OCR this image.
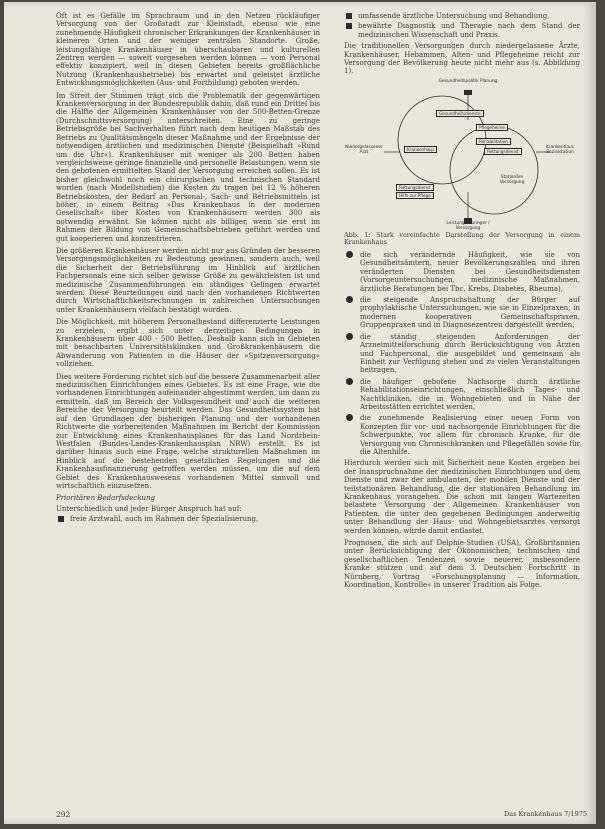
Oft ist es Gefälle im Sprachraum und in den Netzen rückläufiger Versorgung von der Großstadt zur Kleinstadt, ebenso wie eine zunehmende Häufigkeit chronischer Erkrankungen der Krankenhäuser in kleineren Orten und der weniger zentralen Standorte. Große, leistungsfähige Krankenhäuser in überschaubaren und kulturellen Zentren werden — soweit vorgesehen werden können — vom Personal effektiv konzipiert, weil in diesen Gebieten bereits großflächliche Nutzung (Krankenhausbetriebe) bis erwartet und geleistet ärztliche Entwicklungsmöglichkeiten (Aus- und Fortbildung) geboten werden.

Im Streit der Stimmen trägt sich die Problematik der gegenwärtigen Krankenversorgung in der Bundesrepublik dahin, daß rund ein Drittel bis die Hälfte der Allgemeinen Krankenhäuser von der 500-Betten-Grenze (Durchschnittsversorgung) unterschreiten. Eine zu geringe Betriebsgröße bei Sachverhalten führt nach dem heutigen Maßstab des Betriebs zu Qualitätsmängeln dieser Maßnahme und der Ergebnisse der notwendigen ärztlichen und medizinischen Dienste (Beispielhaft »Rund um die Uhr«). Krankenhäuser mit weniger als 200 Betten haben vergleichsweise geringe finanzielle und personelle Belastungen, wenn sie den gebotenen ermittelten Stand der Versorgung erreichen sollen. Es ist bisher gleichwohl noch ein chirurgischen und technischen Standard worden (nach Modellstudien) die Kosten zu tragen bei 12 % höheren Betriebskosten, der Bedarf an Personal-, Sach- und Betriebsmitteln ist höher, in einem Beitrag »Das Krankenhaus in der modernen Gesellschaft« über Kosten von Krankenhäusern werden 300 als notwendig erwähnt. Sie können nicht als billiger, wenn sie erst im Rahmen der Bildung von Gemeinschaftsbetrieben geführt werden und gut kooperieren und konzentrieren.

Die größeren Krankenhäuser werden nicht nur aus Gründen der besseren Versorgungsmöglichkeiten zu Bedeutung gewinnen, sondern auch, weil die Sicherheit der Betriebsführung im Hinblick auf ärztlichen Fachpersonals eine sich selber gewisse Größe zu gewährleisten ist und medizinische Zusammenführungen ein ständiges Gelingen erwartet werden. Diese Beurteilungen sind nach den vorhandenen Richtwerten durch Wirtschaftlichkeitsrechnungen in zahlreichen Untersuchungen unter Krankenhäusern vielfach bestätigt worden.

Die Möglichkeit, mit höherem Personalbestand differenzierte Leistungen zu erzielen, ergibt sich unter derzeitigen Bedingungen in Krankenhäusern über 400 - 500 Betten. Deshalb kann sich in Gebieten mit benachbarten Universitätskliniken und Großkrankenhäusern die Abwanderung von Patienten in die Häuser der »Spitzenversorgung« vollziehen.

Dies weitere Forderung richtet sich auf die bessere Zusammenarbeit aller medizinischen Einrichtungen eines Gebietes. Es ist eine Frage, wie die vorhandenen Einrichtungen aufeinander abgestimmt werden, um dann zu ermitteln, daß im Bereich der Volksgesundheit und auch die weiteren Bereiche der Versorgung beurteilt werden. Das Gesundheitssystem hat auf den Grundlagen der bisherigen Planung und der vorhandenen Richtwerte die vorbereitenden Maßnahmen im Bericht der Kommission zur Entwicklung eines Krankenhausplanes für das Land Nordrhein-Westfalen (Bundes-Landes-Krankenhausplan NRW) erstellt. Es ist darüber hinaus auch eine Frage, welche strukturellen Maßnahmen im Hinblick auf die bestehenden gesetzlichen Regelungen und die Krankenhausfinanzierung getroffen werden müssen, um die auf dem Gebiet des Krankenhauswesens vorhandenen Mittel sinnvoll und wirtschaftlich einzusetzen.

Prioritären Bedarfsdeckung

Unterschiedlich und jeder Bürger Anspruch hat auf:

freie Arztwahl, auch im Rahmen der Spezialisierung,
umfassende ärztliche Untersuchung und Behandlung,
bewährte Diagnostik und Therapie nach dem Stand der medizinischen Wissenschaft und Praxis.

Die traditionellen Versorgungen durch niedergelassene Ärzte, Krankenhäuser, Hebammen, Alten- und Pflegeheime reicht zur Versorgung der Bevölkerung heute nicht mehr aus (s. Abbildung 1).

Gesundheitspolitik Planung
Gesundheitsdienste
Pflegeheime
Krankenhaus
Rehabilitation
Rettungsdienst
Niedergelassener Arzt
Krankenhaus Sozialstation
Stationäre Versorgung
Rettungsdienst
Hilfe zur Pflege
Leistungserbringer / Versorgung

Abb. 1: Stark vereinfachte Darstellung der Versorgung in einem Krankenhaus

die sich verändernde Häufigkeit, wie sie von Gesundheitsämtern, neuer Bevölkerungszahlen und ihren veränderten Diensten bei Gesundheitsdiensten (Vorsorgeuntersuchungen, medizinische Maßnahmen, ärztliche Beratungen bei Tbc, Krebs, Diabetes, Rheuma),
die steigende Anspruchshaltung der Bürger auf prophylaktische Untersuchungen, wie sie in Einzelpraxen, in modernen kooperativen Gemeinschaftspraxen, Gruppenpraxen und in Diagnosezentren dargestellt werden,
die ständig steigenden Anforderungen der Arzneimittelforschung durch Berücksichtigung von Ärzten und Fachpersonal, die ausgebildet und gemeinsam als Einheit zur Verfügung stehen und zu vielen Veranstaltungen beitragen,
die häufiger gebotene Nachsorge durch ärztliche Rehabilitationseinrichtungen, einschließlich Tages- und Nachtkliniken, die in Wohngebieten und in Nähe der Arbeitsstätten errichtet werden,
die zunehmende Realisierung einer neuen Form von Konzepten für vor- und nachsorgende Einrichtungen für die Schwerpunkte, vor allem für chronisch Kranke, für die Versorgung von Chronischkranken und Pflegefällen sowie für die Altenhilfe.

Hierdurch werden sich mit Sicherheit neue Kosten ergeben bei der Inanspruchnahme der medizinischen Einrichtungen und dem Dienste und zwar der ambulanten, der mobilen Dienste und der teilstationären Behandlung, die der stationären Behandlung im Krankenhaus vorangehen. Die schon mit langen Wartezeiten belastete Versorgung der Allgemeinen Krankenhäuser von Patienten, die unter den gegebenen Bedingungen anderweitig unter Behandlung der Haus- und Wohngebietsarztes versorgt werden können, würde damit entlastet.

Prognosen, die sich auf Delphie-Studien (USA), Großbritannien unter Berücksichtigung der Ökonomischen, technischen und gesellschaftlichen Tendenzen sowie neuerer, insbesondere Kranke stützen und auf dem 3. Deutschen Fortschritt in Nürnberg, Vortrag »Forschungsplanung — Information, Koordination, Kontrolle« in unserer Tradition als Folge.

292	Das Krankenhaus 7/1975
